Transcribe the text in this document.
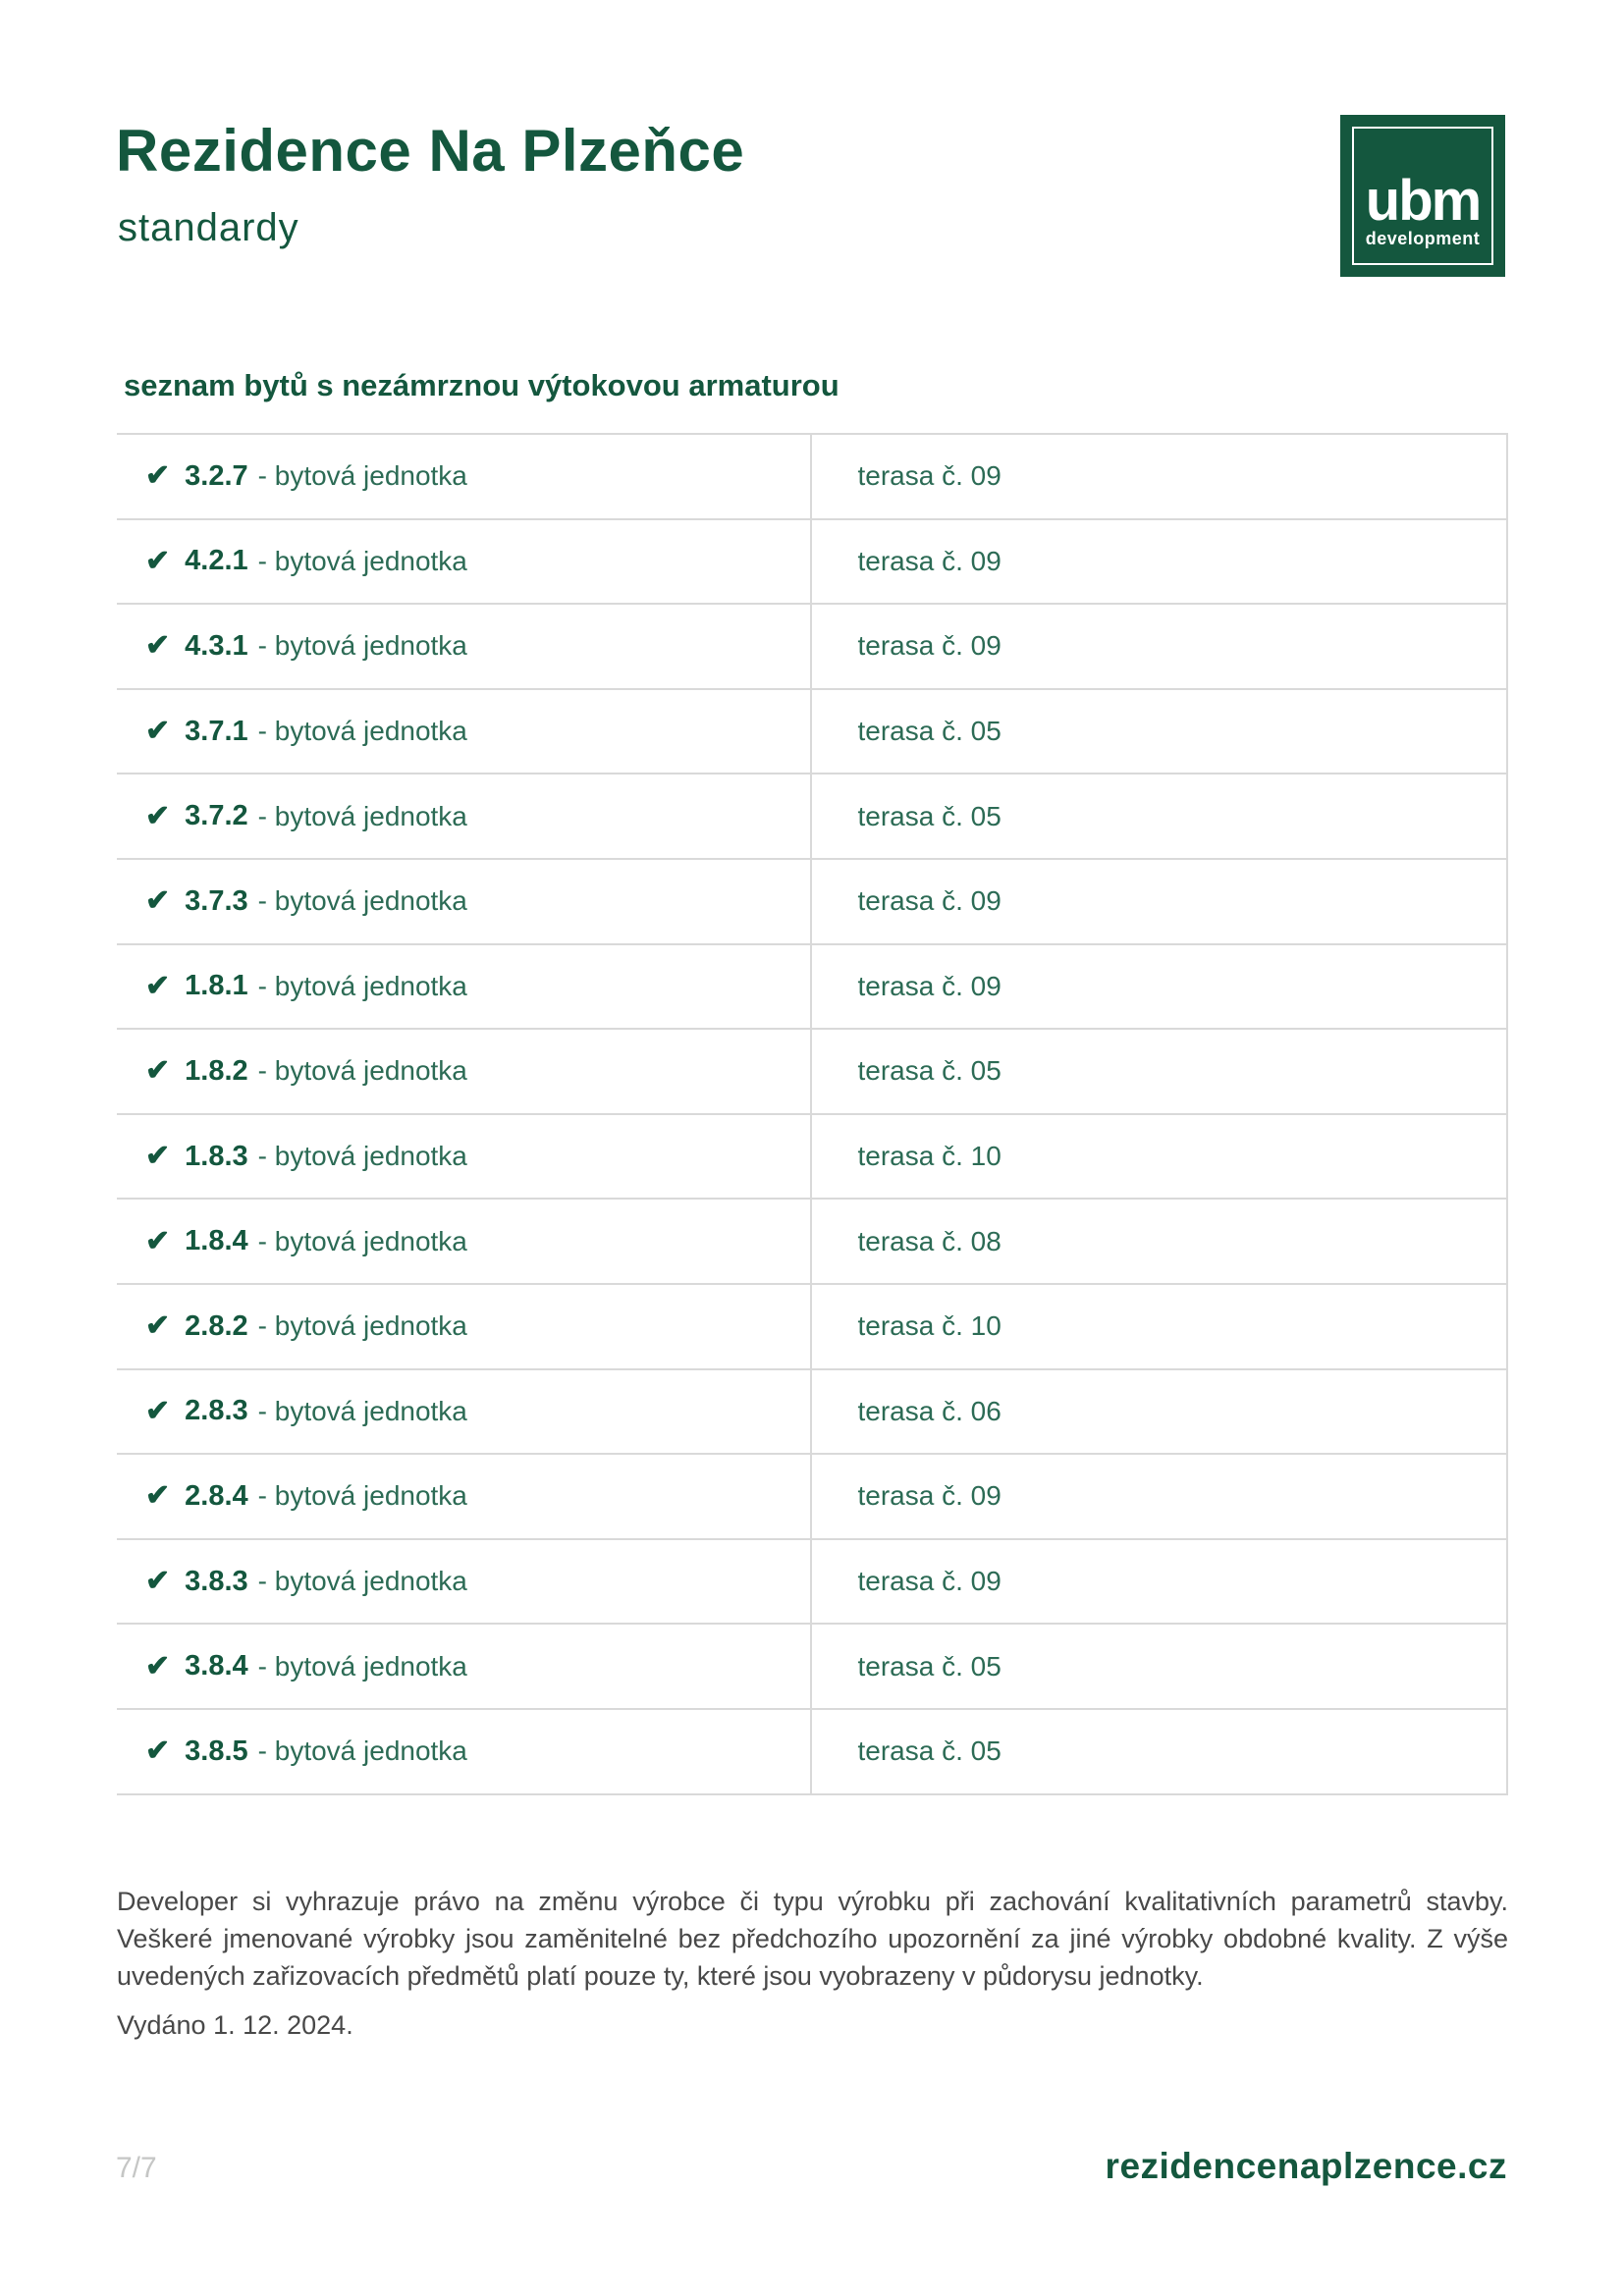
Rezidence Na Plzeňce
standardy	ubm
development
seznam bytů s nezámrznou výtokovou armaturou
✔ 3.2.7 - bytová jednotka	terasa č. 09
✔ 4.2.1 - bytová jednotka	terasa č. 09
✔ 4.3.1 - bytová jednotka	terasa č. 09
✔ 3.7.1 - bytová jednotka	terasa č. 05
✔ 3.7.2 - bytová jednotka	terasa č. 05
✔ 3.7.3 - bytová jednotka	terasa č. 09
✔ 1.8.1 - bytová jednotka	terasa č. 09
✔ 1.8.2 - bytová jednotka	terasa č. 05
✔ 1.8.3 - bytová jednotka	terasa č. 10
✔ 1.8.4 - bytová jednotka	terasa č. 08
✔ 2.8.2 - bytová jednotka	terasa č. 10
✔ 2.8.3 - bytová jednotka	terasa č. 06
✔ 2.8.4 - bytová jednotka	terasa č. 09
✔ 3.8.3 - bytová jednotka	terasa č. 09
✔ 3.8.4 - bytová jednotka	terasa č. 05
✔ 3.8.5 - bytová jednotka	terasa č. 05

Developer si vyhrazuje právo na změnu výrobce či typu výrobku při zachování kvalitativních parametrů stavby. Veškeré jmenované výrobky jsou zaměnitelné bez předchozího upozornění za jiné výrobky obdobné kvality. Z výše uvedených zařizovacích předmětů platí pouze ty, které jsou vyobrazeny v půdorysu jednotky.

Vydáno 1. 12. 2024.

7/7	rezidencenaplzence.cz
